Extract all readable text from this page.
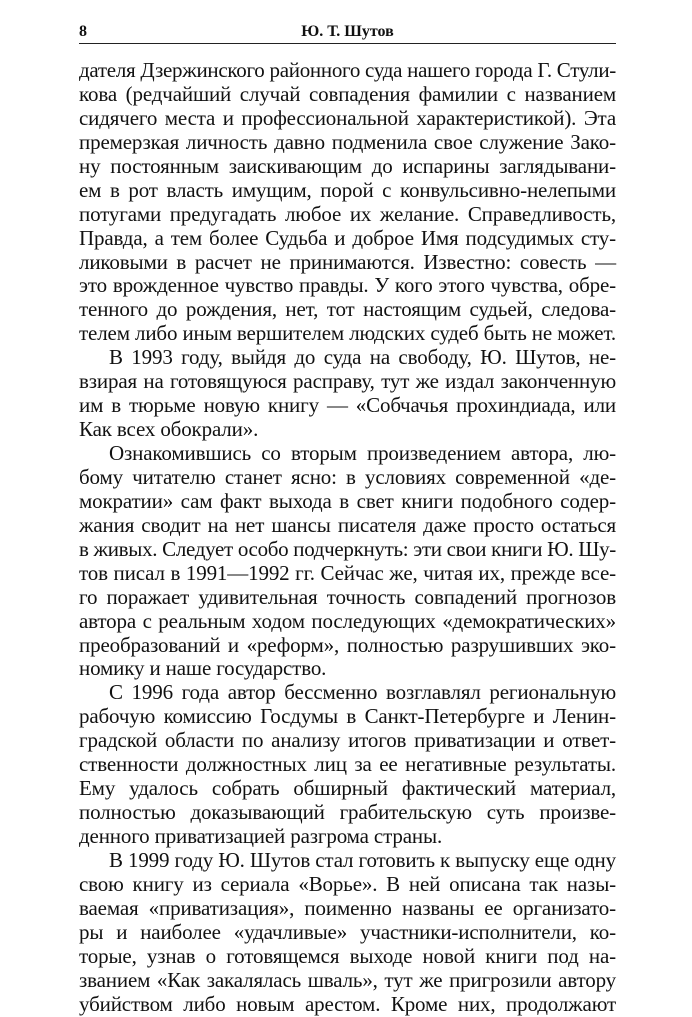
8	Ю. Т. Шутов
дателя Дзержинского районного суда нашего города Г. Стули-
кова (редчайший случай совпадения фамилии с названием
сидячего места и профессиональной характеристикой). Эта
премерзкая личность давно подменила свое служение Зако-
ну постоянным заискивающим до испарины заглядывани-
ем в рот власть имущим, порой с конвульсивно-нелепыми
потугами предугадать любое их желание. Справедливость,
Правда, а тем более Судьба и доброе Имя подсудимых сту-
ликовыми в расчет не принимаются. Известно: совесть —
это врожденное чувство правды. У кого этого чувства, обре-
тенного до рождения, нет, тот настоящим судьей, следова-
телем либо иным вершителем людских судеб быть не может.
В 1993 году, выйдя до суда на свободу, Ю. Шутов, не-
взирая на готовящуюся расправу, тут же издал законченную
им в тюрьме новую книгу — «Собчачья прохиндиада, или
Как всех обокрали».
Ознакомившись со вторым произведением автора, лю-
бому читателю станет ясно: в условиях современной «де-
мократии» сам факт выхода в свет книги подобного содер-
жания сводит на нет шансы писателя даже просто остаться
в живых. Следует особо подчеркнуть: эти свои книги Ю. Шу-
тов писал в 1991—1992 гг. Сейчас же, читая их, прежде все-
го поражает удивительная точность совпадений прогнозов
автора с реальным ходом последующих «демократических»
преобразований и «реформ», полностью разрушивших эко-
номику и наше государство.
С 1996 года автор бессменно возглавлял региональную
рабочую комиссию Госдумы в Санкт-Петербурге и Ленин-
градской области по анализу итогов приватизации и ответ-
ственности должностных лиц за ее негативные результаты.
Ему удалось собрать обширный фактический материал,
полностью доказывающий грабительскую суть произве-
денного приватизацией разгрома страны.
В 1999 году Ю. Шутов стал готовить к выпуску еще одну
свою книгу из сериала «Ворье». В ней описана так назы-
ваемая «приватизация», поименно названы ее организато-
ры и наиболее «удачливые» участники-исполнители, ко-
торые, узнав о готовящемся выходе новой книги под на-
званием «Как закалялась шваль», тут же пригрозили автору
убийством либо новым арестом. Кроме них, продолжают
